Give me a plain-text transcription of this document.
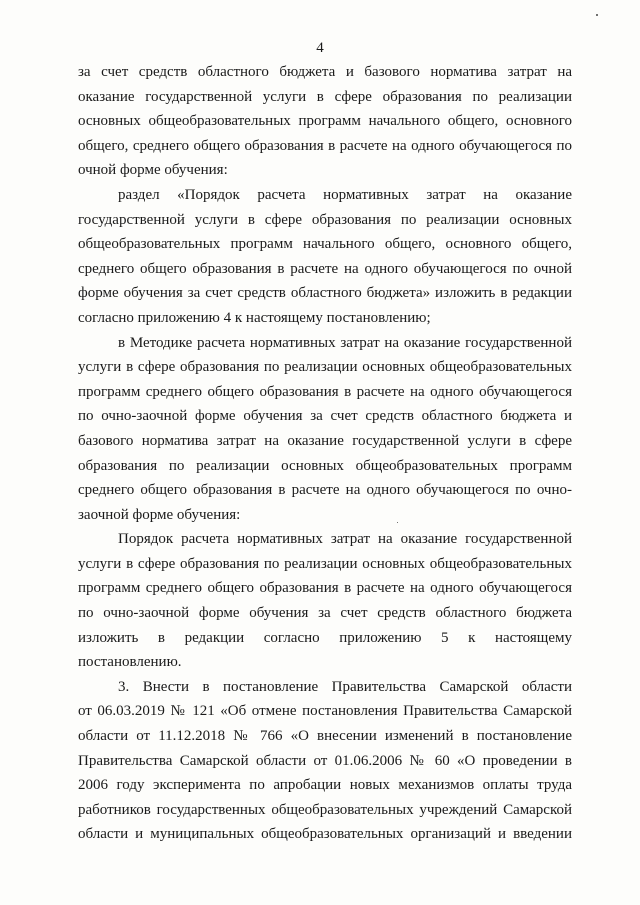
4
за счет средств областного бюджета и базового норматива затрат на
оказание государственной услуги в сфере образования по реализации
основных общеобразовательных программ начального общего, основного
общего, среднего общего образования в расчете на одного обучающегося по
очной форме обучения:
раздел «Порядок расчета нормативных затрат на оказание
государственной услуги в сфере образования по реализации основных
общеобразовательных программ начального общего, основного общего,
среднего общего образования в расчете на одного обучающегося по очной
форме обучения за счет средств областного бюджета» изложить в редакции
согласно приложению 4 к настоящему постановлению;
в Методике расчета нормативных затрат на оказание государственной
услуги в сфере образования по реализации основных общеобразовательных
программ среднего общего образования в расчете на одного обучающегося
по очно-заочной форме обучения за счет средств областного бюджета и
базового норматива затрат на оказание государственной услуги в сфере
образования по реализации основных общеобразовательных программ
среднего общего образования в расчете на одного обучающегося по очно-
заочной форме обучения:
Порядок расчета нормативных затрат на оказание государственной
услуги в сфере образования по реализации основных общеобразовательных
программ среднего общего образования в расчете на одного обучающегося
по очно-заочной форме обучения за счет средств областного бюджета
изложить в редакции согласно приложению 5 к настоящему
постановлению.
3. Внести в постановление Правительства Самарской области
от 06.03.2019 № 121 «Об отмене постановления Правительства Самарской
области от 11.12.2018 № 766 «О внесении изменений в постановление
Правительства Самарской области от 01.06.2006 № 60 «О проведении в
2006 году эксперимента по апробации новых механизмов оплаты труда
работников государственных общеобразовательных учреждений Самарской
области и муниципальных общеобразовательных организаций и введении
